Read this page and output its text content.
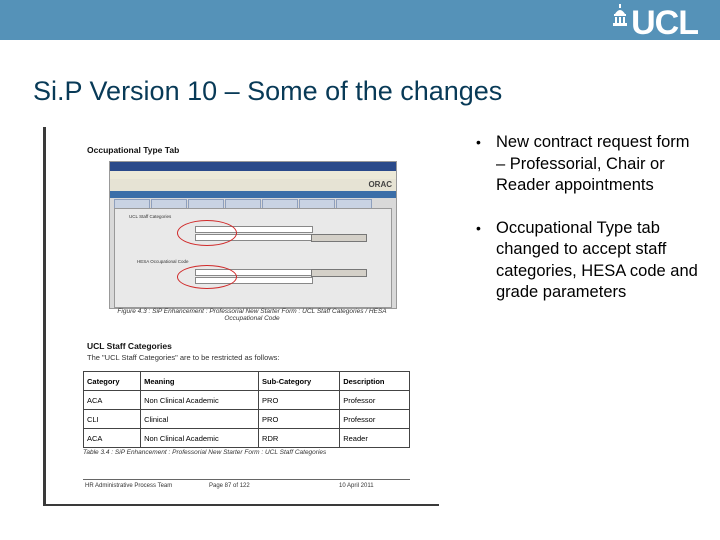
UCL
Si.P Version 10 – Some of the changes
Occupational Type Tab
ORAC
UCL Staff Categories
HESA Occupational Code
Figure 4.3 : SiP Enhancement : Professorial New Starter Form : UCL Staff Categories / HESA Occupational Code
UCL Staff Categories
The "UCL Staff Categories" are to be restricted as follows:
Category	Meaning	Sub-Category	Description
ACA	Non Clinical Academic	PRO	Professor
CLI	Clinical	PRO	Professor
ACA	Non Clinical Academic	RDR	Reader
Table 3.4 : SiP Enhancement : Professorial New Starter Form : UCL Staff Categories
HR Administrative Process Team	Page 87 of 122	10 April 2011
• New contract request form – Professorial, Chair or Reader appointments
• Occupational Type tab changed to accept staff categories, HESA code and grade parameters
